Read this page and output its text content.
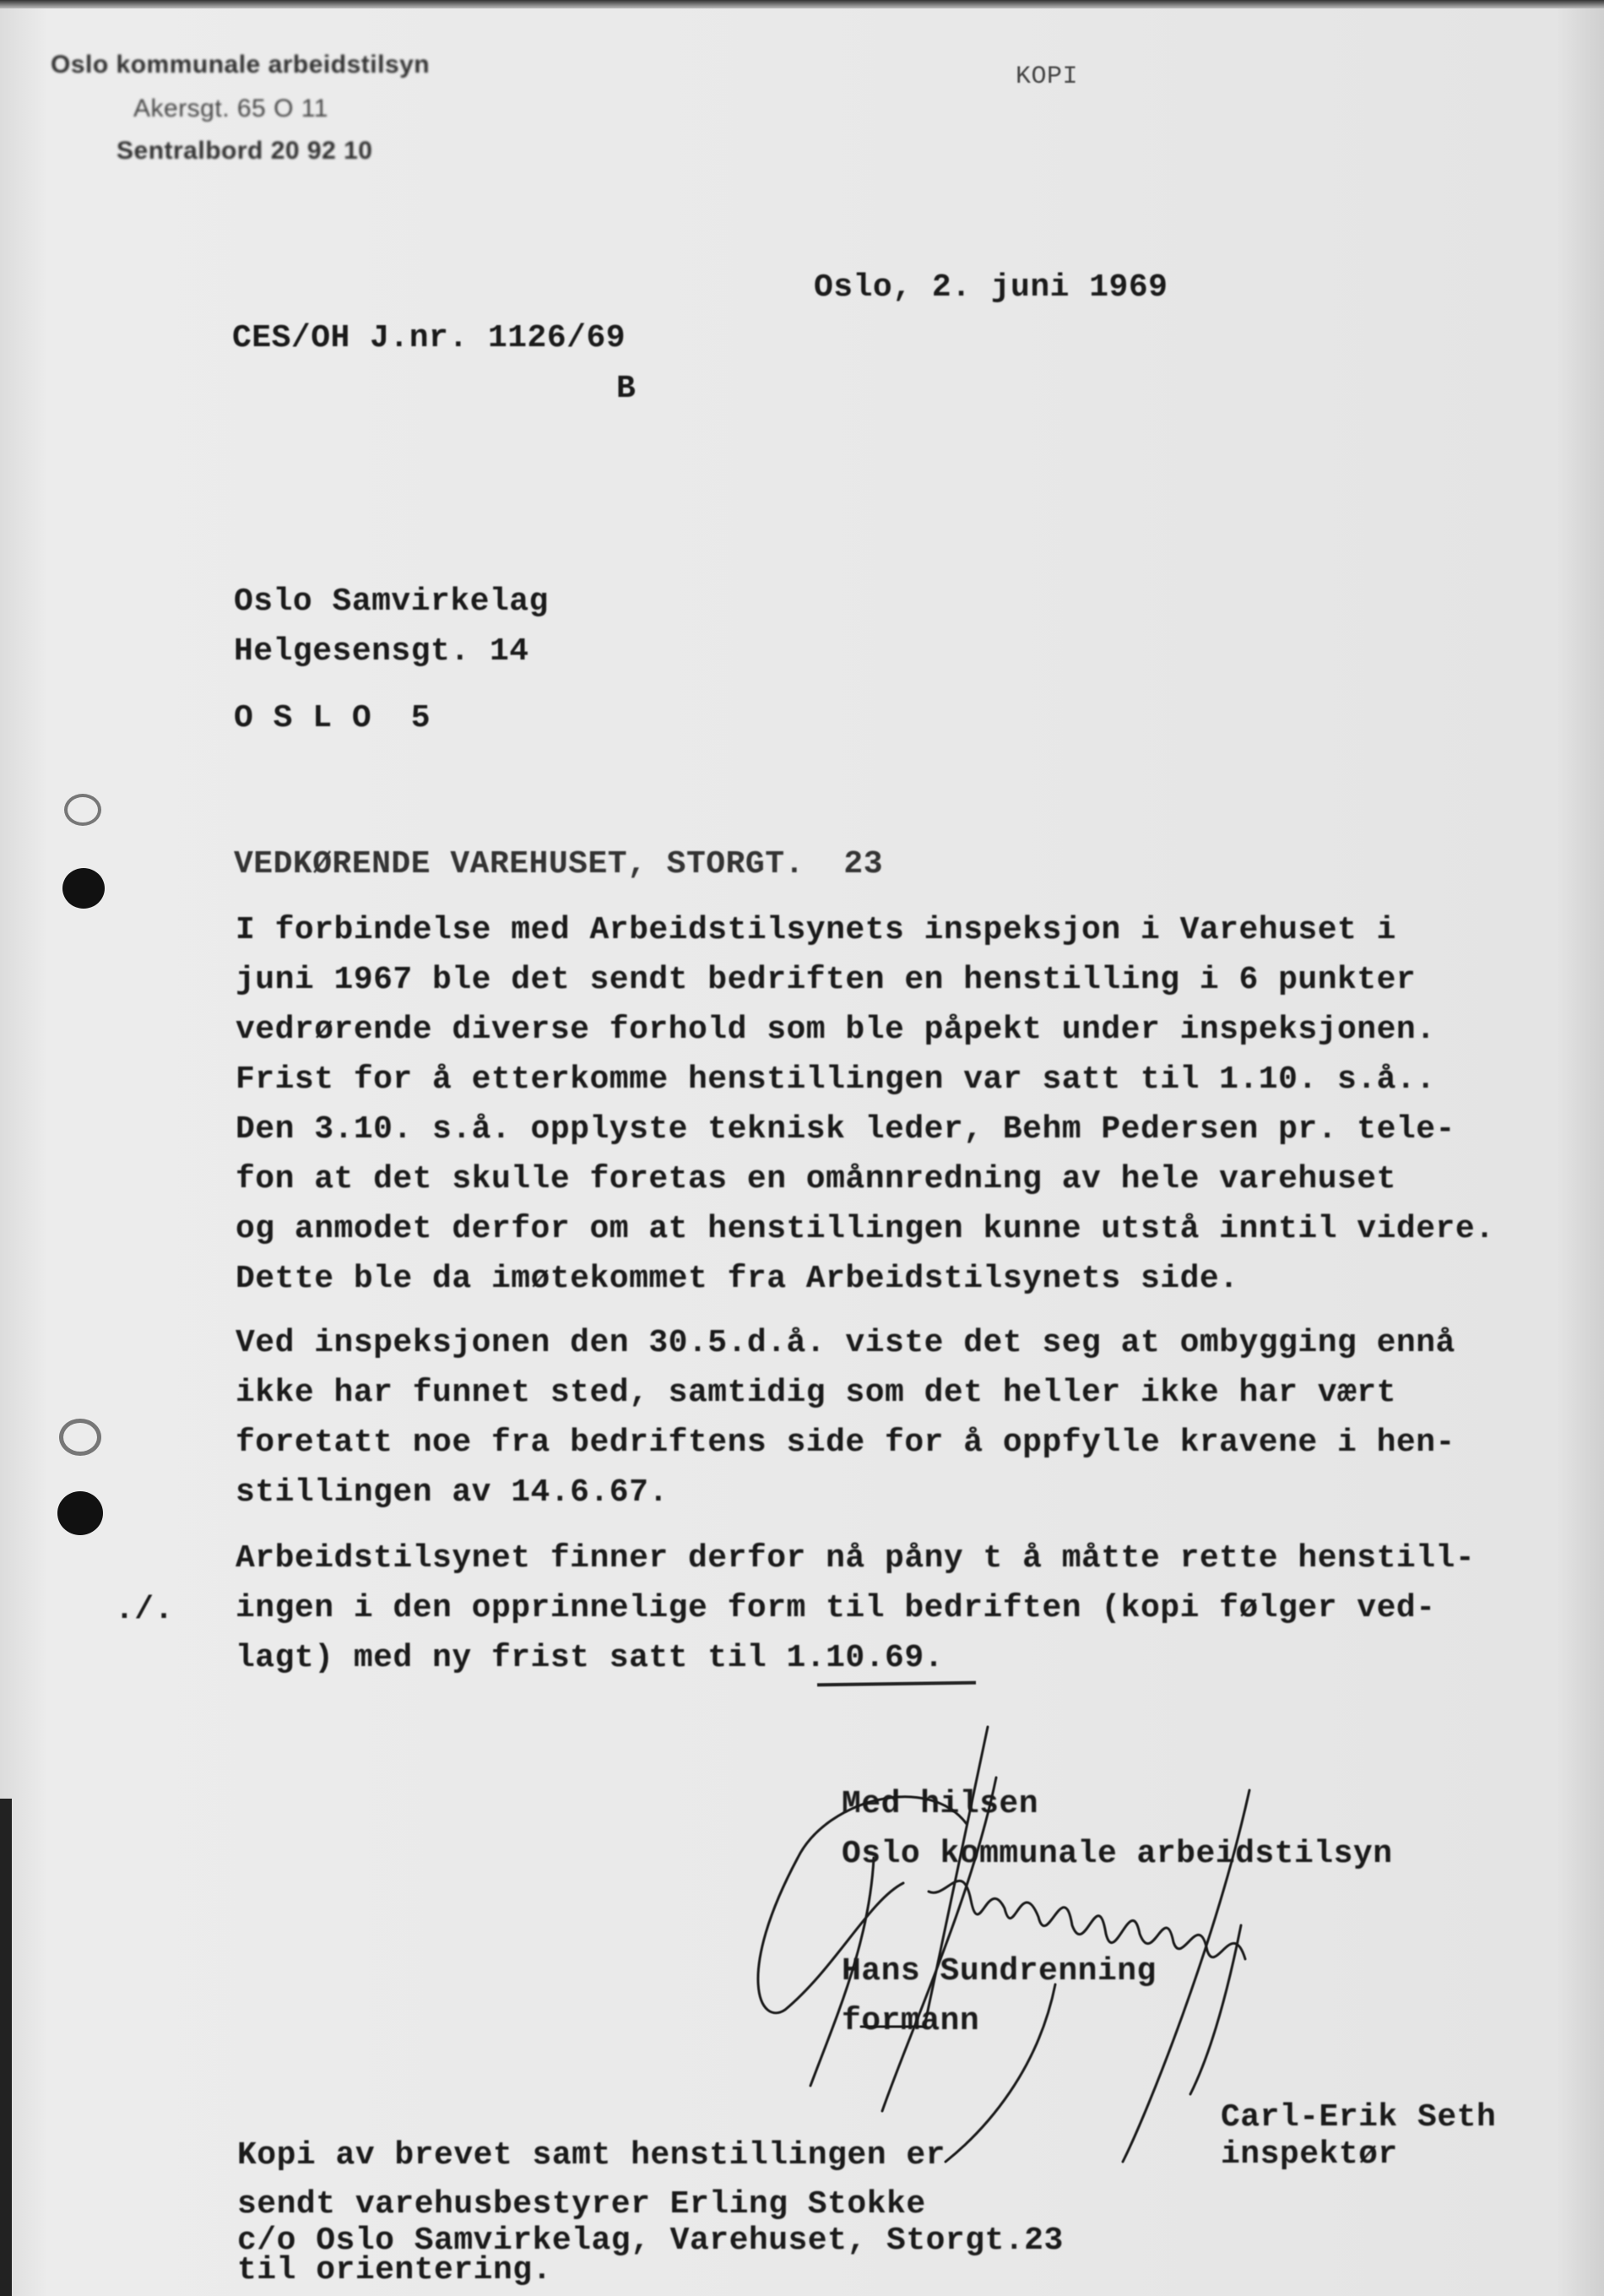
Oslo kommunale arbeidstilsyn
Akersgt. 65 O 11
Sentralbord 20 92 10
KOPI
Oslo, 2. juni 1969
CES/OH J.nr. 1126/69
B
Oslo Samvirkelag
Helgesensgt. 14
O S L O  5
VEDKØRENDE VAREHUSET, STORGT.  23
I forbindelse med Arbeidstilsynets inspeksjon i Varehuset i
juni 1967 ble det sendt bedriften en henstilling i 6 punkter
vedrørende diverse forhold som ble påpekt under inspeksjonen.
Frist for å etterkomme henstillingen var satt til 1.10. s.å..
Den 3.10. s.å. opplyste teknisk leder, Behm Pedersen pr. tele-
fon at det skulle foretas en omånnredning av hele varehuset
og anmodet derfor om at henstillingen kunne utstå inntil videre.
Dette ble da imøtekommet fra Arbeidstilsynets side.
Ved inspeksjonen den 30.5.d.å. viste det seg at ombygging ennå
ikke har funnet sted, samtidig som det heller ikke har vært
foretatt noe fra bedriftens side for å oppfylle kravene i hen-
stillingen av 14.6.67.
Arbeidstilsynet finner derfor nå påny t å måtte rette henstill-
ingen i den opprinnelige form til bedriften (kopi følger ved-
lagt) med ny frist satt til 1.10.69.
./.
Med hilsen
Oslo kommunale arbeidstilsyn
Hans Sundrenning
formann
Carl-Erik Seth
inspektør
Kopi av brevet samt henstillingen er
sendt varehusbestyrer Erling Stokke
c/o Oslo Samvirkelag, Varehuset, Storgt.23
til orientering.
